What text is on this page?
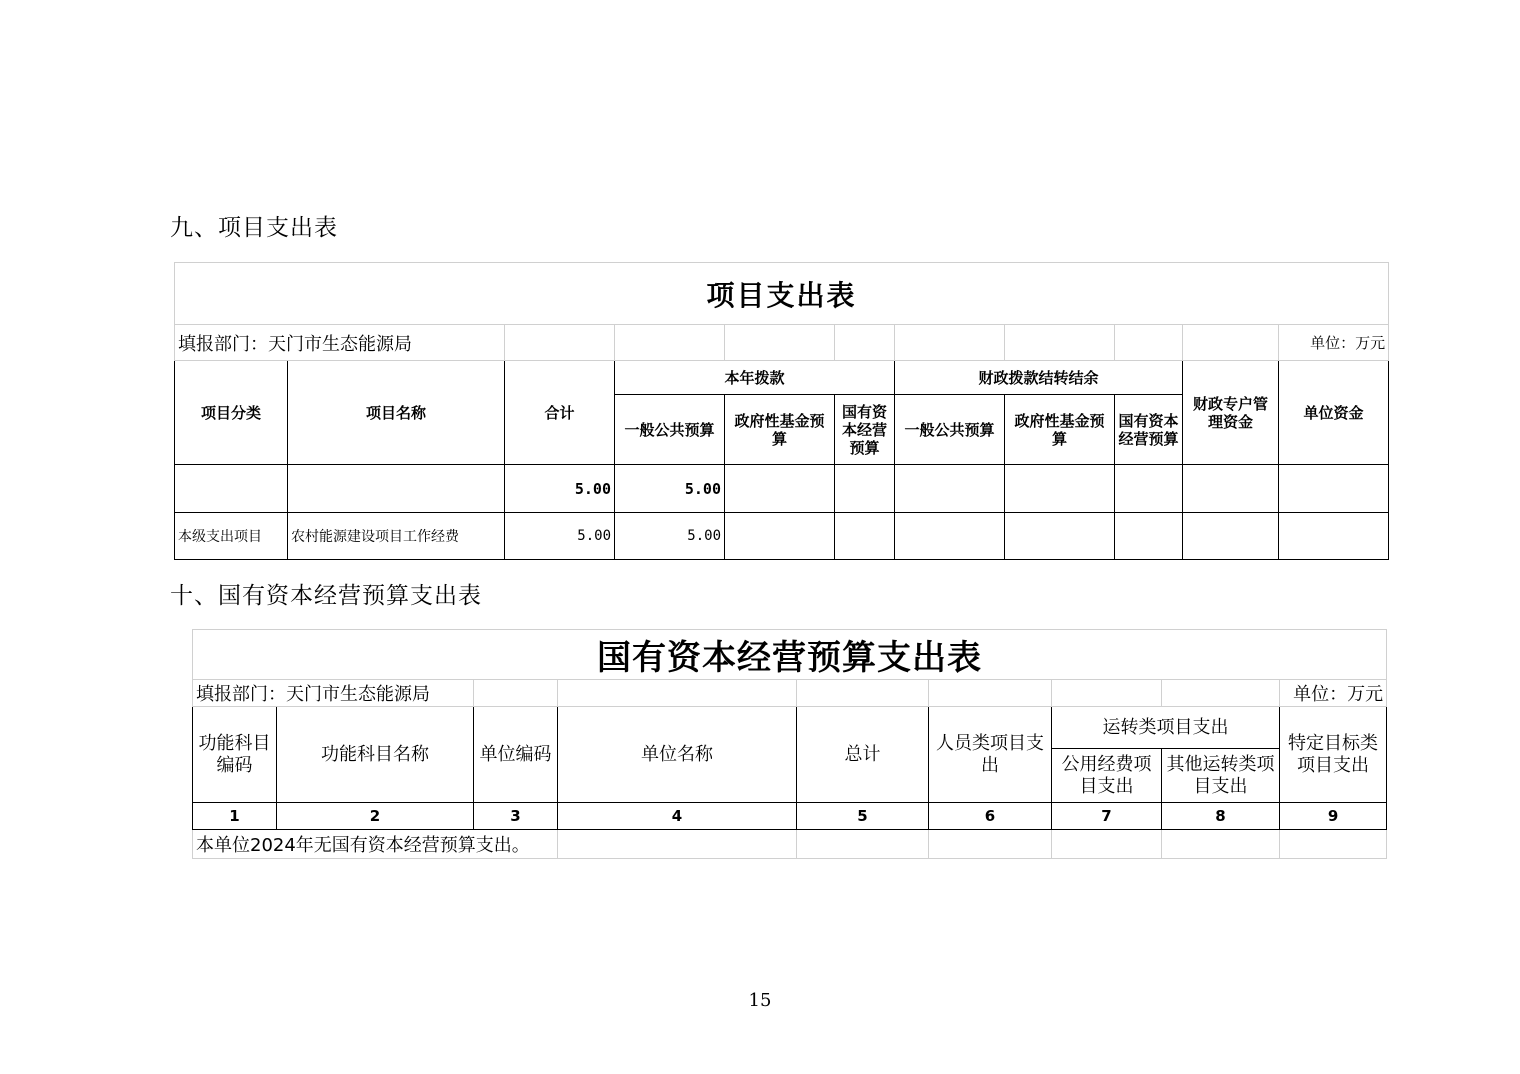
九、项目支出表
项目支出表										
填报部门：天门市生态能源局										单位：万元
项目分类	项目名称	合计	本年拨款			财政拨款结转结余			财政专户管理资金	单位资金
			一般公共预算	政府性基金预算	国有资本经营预算	一般公共预算	政府性基金预算	国有资本经营预算		
		5.00	5.00							
本级支出项目	农村能源建设项目工作经费	5.00	5.00							
十、国有资本经营预算支出表
国有资本经营预算支出表								
填报部门：天门市生态能源局								单位：万元
功能科目编码	功能科目名称	单位编码	单位名称	总计	人员类项目支出	运转类项目支出		特定目标类项目支出
						公用经费项目支出	其他运转类项目支出	
1	2	3	4	5	6	7	8	9
本单位2024年无国有资本经营预算支出。								
15
